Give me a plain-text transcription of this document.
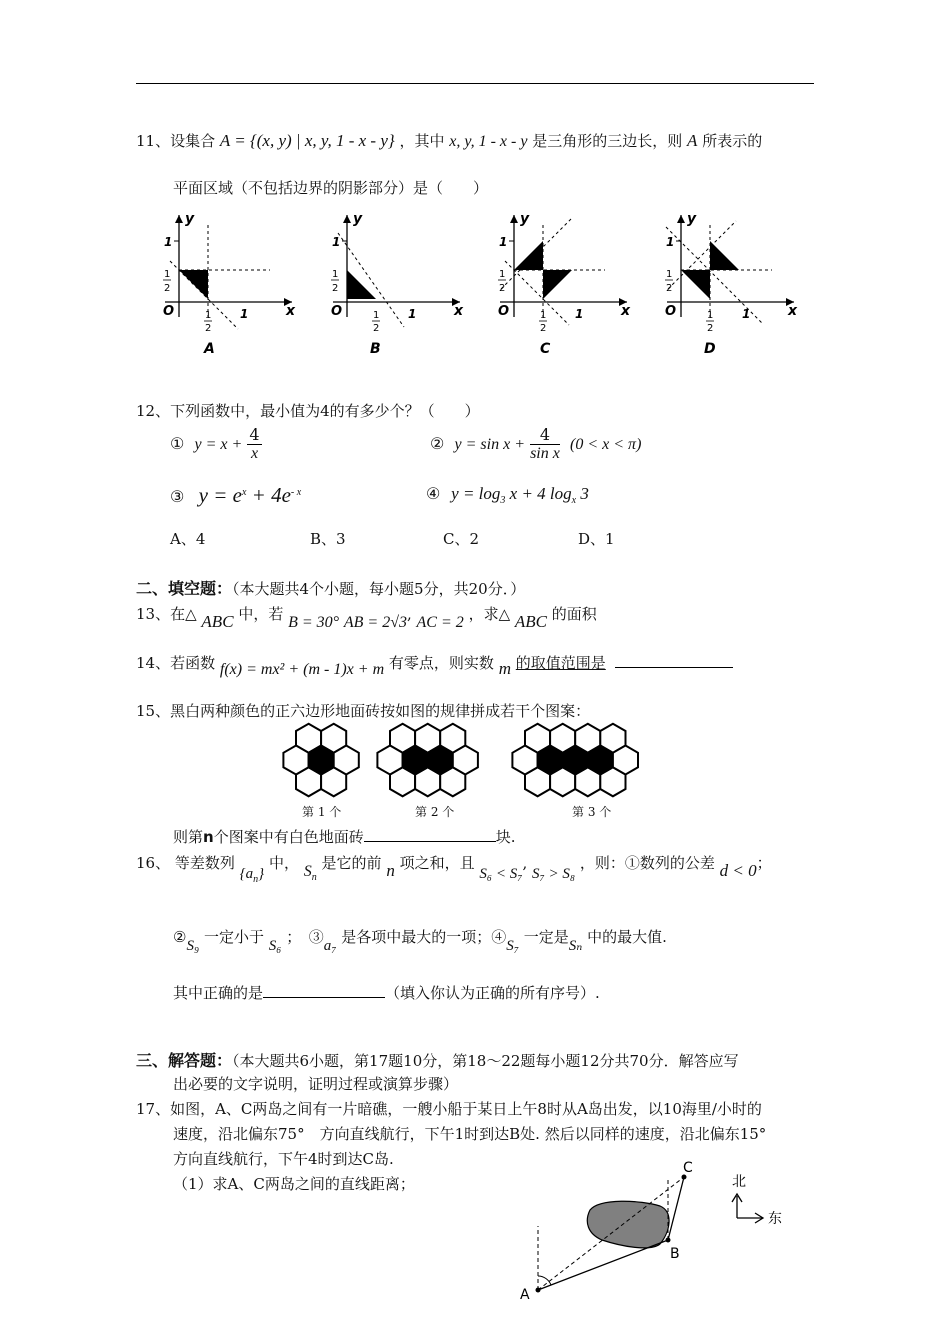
11、设集合 A = {(x, y) | x, y, 1 - x - y} ，其中 x, y, 1 - x - y 是三角形的三边长，则 A 所表示的
平面区域（不包括边界的阴影部分）是（　　）
1
1
2
O	1
2
1	x
y
A
1
1
2
O	1
2
1	x
y
B
1
1
2
O	1
2
1	x
y
C
1
1
2
O	1
2
1	x
y
D
12、下列函数中，最小值为4的有多少个？（　　）
① $y = x + \frac{4}{x}$	② $y = \sin x + \frac{4}{\text{sin x}} (0 < x < \pi)$
③ $y = e^x + 4e^{- x}$	④ $y = \log_3 x + 4$ $\log_x 3$
A、4	B、3	C、2	D、1
二、填空题：（本大题共4个小题，每小题5分，共20分．）
13、在△ ABC 中，若 B = 30° AB = 2√3, AC = 2 ，求△ ABC 的面积
14、若函数 f(x) = mx² + (m - 1)x + m 有零点，则实数 m 的取值范围是
15、黑白两种颜色的正六边形地面砖按如图的规律拼成若干个图案：
第 1 个	第 2 个	第 3 个
则第n个图案中有白色地面砖	块.
16、 等差数列 $\{a_n\}$ 中， $S_n$ 是它的前 n 项之和，且 S₆ < S₇, S₇ > S₈ ，则：①数列的公差 d < 0；
②S₉ 一定小于 S₆ ；　③a₇ 是各项中最大的一项；④S₇ 一定是Sₙ 中的最大值.
其中正确的是	（填入你认为正确的所有序号）.
三、解答题：（本大题共6小题，第17题10分，第18～22题每小题12分共70分．解答应写
出必要的文字说明，证明过程或演算步骤）
17、如图，A、C两岛之间有一片暗礁，一艘小船于某日上午8时从A岛出发，以10海里/小时的
速度，沿北偏东75°　方向直线航行，下午1时到达B处. 然后以同样的速度，沿北偏东15°
方向直线航行，下午4时到达C岛.
（1）求A、C两岛之间的直线距离；
A
B
C
北
东
